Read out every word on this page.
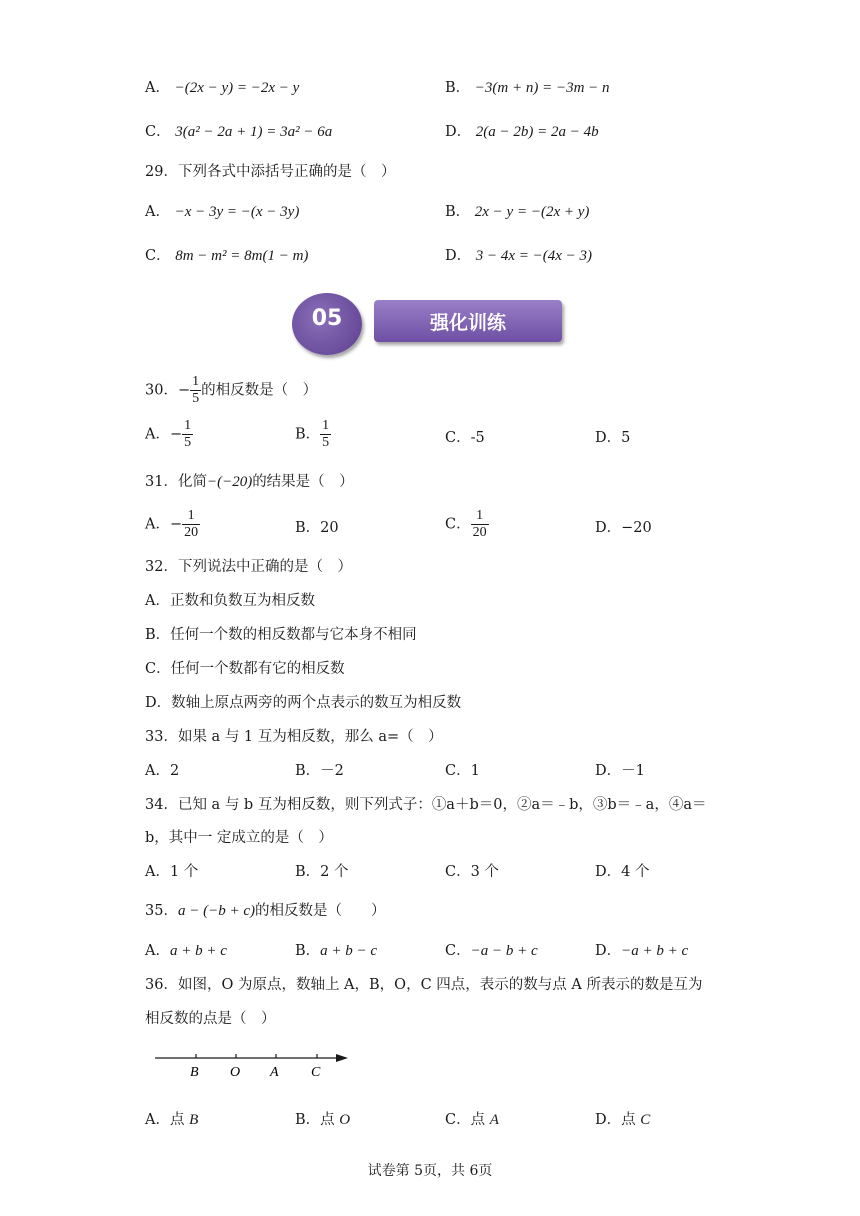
A． −(2x − y) = −2x − y	B． −3(m + n) = −3m − n
C． 3(a² − 2a + 1) = 3a² − 6a	D． 2(a − 2b) = 2a − 4b
29．下列各式中添括号正确的是（　）
A． −x − 3y = −(x − 3y)	B． 2x − y = −(2x + y)
C． 8m − m² = 8m(1 − m)	D． 3 − 4x = −(4x − 3)
05	强化训练
30．− $\frac{1}{5}$ 的相反数是（　）
A．− $\frac{1}{5}$	B． $\frac{1}{5}$	C．-5	D．5
31．化简−(−20)的结果是（　）
A．− $\frac{1}{20}$	B．20	C． $\frac{1}{20}$	D．−20
32．下列说法中正确的是（　）
A．正数和负数互为相反数
B．任何一个数的相反数都与它本身不相同
C．任何一个数都有它的相反数
D．数轴上原点两旁的两个点表示的数互为相反数
33．如果 a 与 1 互为相反数，那么 a=（　）
A．2	B．－2	C．1	D．－1
34．已知 a 与 b 互为相反数，则下列式子：①a＋b＝0，②a＝﹣b，③b＝﹣a，④a＝
b，其中一 定成立的是（　）
A．1 个	B．2 个	C．3 个	D．4 个
35．a − (−b + c)的相反数是（　　）
A．a + b + c	B．a + b − c	C．−a − b + c	D．−a + b + c
36．如图，O 为原点，数轴上 A，B，O，C 四点，表示的数与点 A 所表示的数是互为
相反数的点是（　）
B O A C
A．点 B	B．点 O	C．点 A	D．点 C
试卷第 5页，共 6页
